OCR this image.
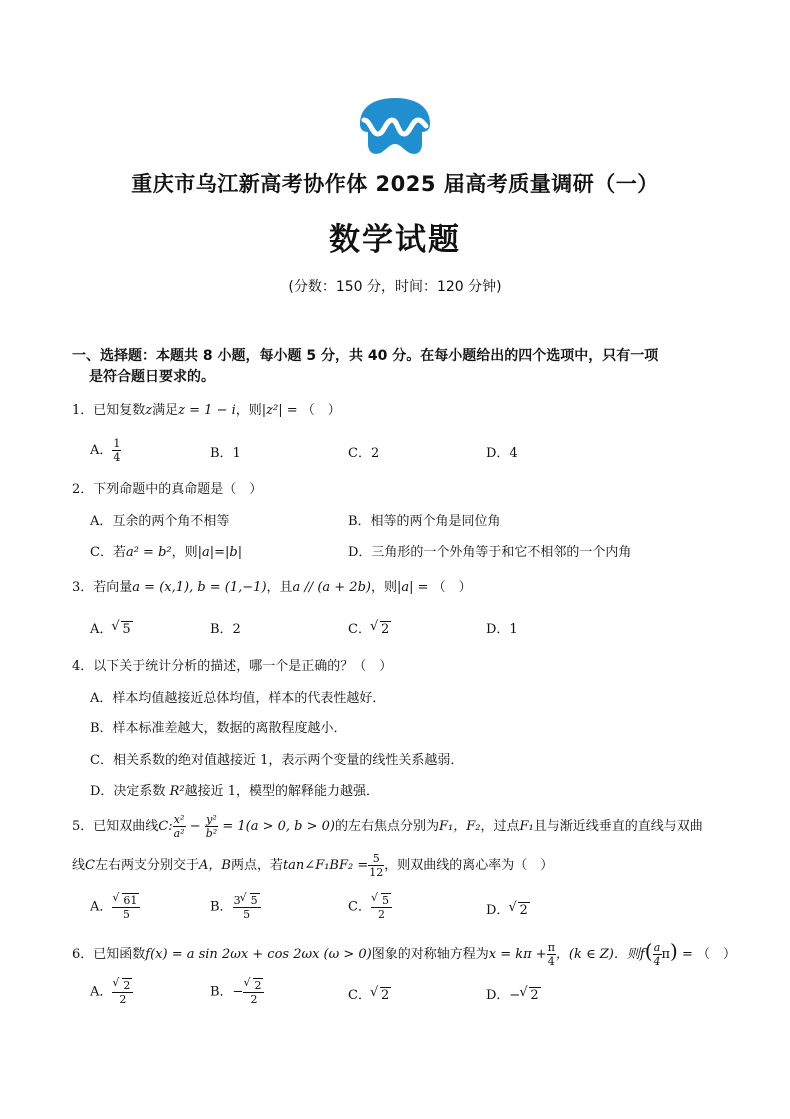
重庆市乌江新高考协作体 2025 届高考质量调研（一）
数学试题
(分数：150 分，时间：120 分钟)
一、选择题：本题共 8 小题，每小题 5 分，共 40 分。在每小题给出的四个选项中，只有一项
是符合题日要求的。
1．已知复数z满足z = 1 − i，则|z²| = （　）
A． $\frac{1}{4}$	B．1	C．2	D．4
2．下列命题中的真命题是（　）
A．互余的两个角不相等	B．相等的两个角是同位角
C．若a² = b²，则|a|=|b|	D．三角形的一个外角等于和它不相邻的一个内角
3．若向量a = (x,1), b = (1,−1)，且a // (a + 2b)，则|a| = （　）
A． √ 5	B．2	C． √ 2	D．1
4．以下关于统计分析的描述，哪一个是正确的？（　）
A．样本均值越接近总体均值，样本的代表性越好．
B．样本标准差越大，数据的离散程度越小．
C．相关系数的绝对值越接近 1，表示两个变量的线性关系越弱．
D．决定系数 R²越接近 1，模型的解释能力越强．
5．已知双曲线C: $\frac{\text{x²}}{\text{a²}} - \frac{\text{y²}}{\text{b²}} = 1(a > 0$, b > 0)的左右焦点分别为F₁，F₂，过点F₁且与渐近线垂直的直线与双曲
线C左右两支分别交于A，B两点，若tan∠F₁BF₂ = $\frac{5}{12}$ ，则双曲线的离心率为（　）
A． √ $\frac{61}{5}$	B． $\frac{3 √ 5}{5}$	C． √ $\frac{5}{2}$	D． √ 2
6．已知函数f(x) = a sin 2ωx + cos 2ωx (ω > 0)图象的对称轴方程为$x = k\pi + \frac{\pi}{4}$ ，(k ∈ Z)．则$f( \frac{a}{4} \pi)$ = （　）
A． √ $\frac{2}{2}$	B．− √ $\frac{2}{2}$	C． √ 2	D．− √ 2
